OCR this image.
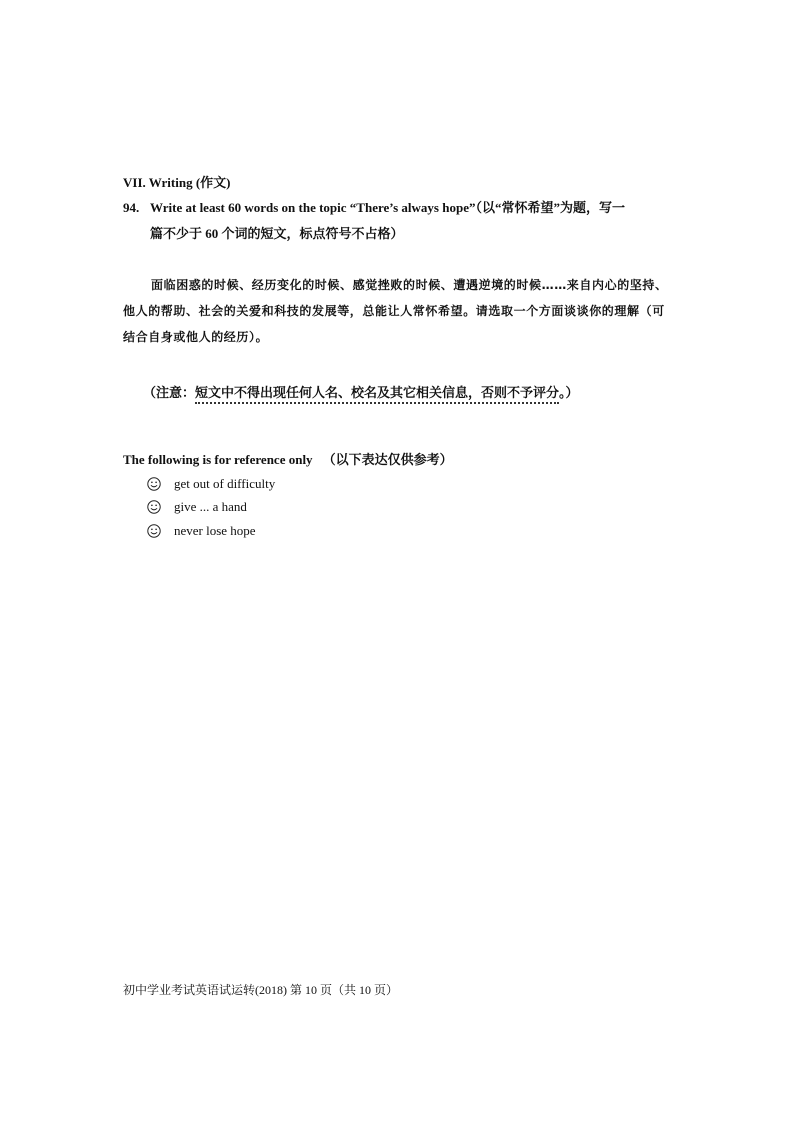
VII. Writing (作文)
94. Write at least 60 words on the topic “There’s always hope”（以“常怀希望”为题，写一
篇不少于 60 个词的短文，标点符号不占格）
面临困惑的时候、经历变化的时候、感觉挫败的时候、遭遇逆境的时候……来自内心的坚持、他人的帮助、社会的关爱和科技的发展等，总能让人常怀希望。请选取一个方面谈谈你的理解（可结合自身或他人的经历）。
（注意：短文中不得出现任何人名、校名及其它相关信息，否则不予评分。）
The following is for reference only （以下表达仅供参考）
get out of difficulty
give ... a hand
never lose hope
初中学业考试英语试运转(2018) 第 10 页（共 10 页）
